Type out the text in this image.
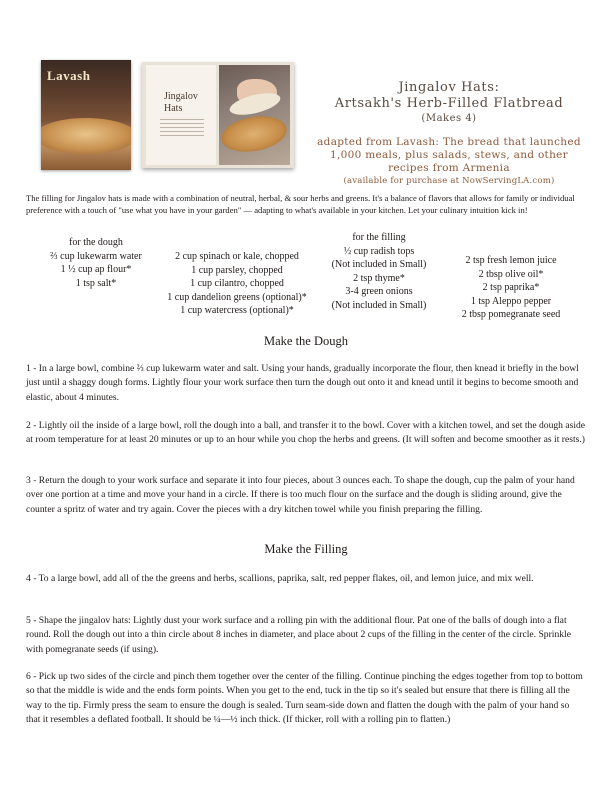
Lavash
Jingalov
Hats
Jingalov Hats:
Artsakh's Herb-Filled Flatbread
(Makes 4)
adapted from Lavash: The bread that launched
1,000 meals, plus salads, stews, and other
recipes from Armenia
(available for purchase at NowServingLA.com)
The filling for Jingalov hats is made with a combination of neutral, herbal, & sour herbs and greens. It's a balance of flavors that allows for family or individual preference with a touch of "use what you have in your garden" — adapting to what's available in your kitchen. Let your culinary intuition kick in!
for the dough
⅔ cup lukewarm water
1 ½ cup ap flour*
1 tsp salt*
2 cup spinach or kale, chopped
1 cup parsley, chopped
1 cup cilantro, chopped
1 cup dandelion greens (optional)*
1 cup watercress (optional)*
for the filling
½ cup radish tops
(Not included in Small)
2 tsp thyme*
3-4 green onions
(Not included in Small)
2 tsp fresh lemon juice
2 tbsp olive oil*
2 tsp paprika*
1 tsp Aleppo pepper
2 tbsp pomegranate seed
Make the Dough
1 - In a large bowl, combine ⅔ cup lukewarm water and salt. Using your hands, gradually incorporate the flour, then knead it briefly in the bowl just until a shaggy dough forms. Lightly flour your work surface then turn the dough out onto it and knead until it begins to become smooth and elastic, about 4 minutes.
2 - Lightly oil the inside of a large bowl, roll the dough into a ball, and transfer it to the bowl. Cover with a kitchen towel, and set the dough aside at room temperature for at least 20 minutes or up to an hour while you chop the herbs and greens. (It will soften and become smoother as it rests.)
3 - Return the dough to your work surface and separate it into four pieces, about 3 ounces each. To shape the dough, cup the palm of your hand over one portion at a time and move your hand in a circle. If there is too much flour on the surface and the dough is sliding around, give the counter a spritz of water and try again. Cover the pieces with a dry kitchen towel while you finish preparing the filling.
Make the Filling
4 - To a large bowl, add all of the the greens and herbs, scallions, paprika, salt, red pepper flakes, oil, and lemon juice, and mix well.
5 - Shape the jingalov hats: Lightly dust your work surface and a rolling pin with the additional flour. Pat one of the balls of dough into a flat round. Roll the dough out into a thin circle about 8 inches in diameter, and place about 2 cups of the filling in the center of the circle. Sprinkle with pomegranate seeds (if using).
6 - Pick up two sides of the circle and pinch them together over the center of the filling. Continue pinching the edges together from top to bottom so that the middle is wide and the ends form points. When you get to the end, tuck in the tip so it's sealed but ensure that there is filling all the way to the tip. Firmly press the seam to ensure the dough is sealed. Turn seam-side down and flatten the dough with the palm of your hand so that it resembles a deflated football. It should be ¼—½ inch thick. (If thicker, roll with a rolling pin to flatten.)
